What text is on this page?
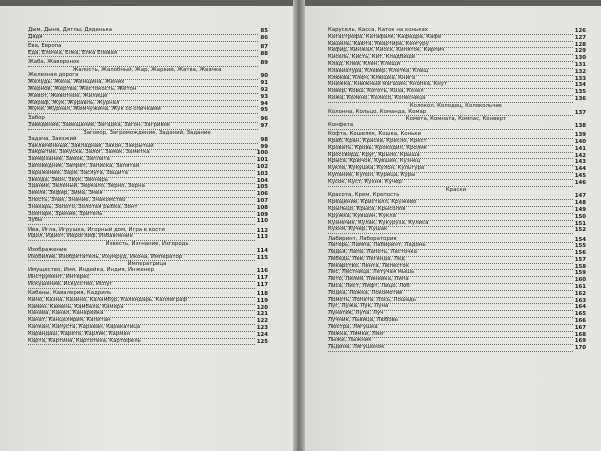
Дым, Дыня, Дятлы, Дяденька	85
Дядя	86
Ева, Европа	87
Еда, Ёлочка, Ёлка, Ёлка Еловая	88
Жаба, Жаворонок	89
Жалость, Жалобный, Жар, Жаркий, Жатва, Жвачка
Железная дорога	90
Желудь, Жена, Женщина, Жених	91
Жернов, Жертва, Жестокость, Жетон	92
Живот, Животное, Жилище	93
Жираф, Жук, Журавль, Журнал	94
Жуки, Журнал, Жемчужина, Жук со спичками	95
Забор	96
Заведение, Завещание, Загадка, Загон, Загривок	97
Заговор, Загромождение, Заданий, Задание
Задача, Заезжий	98
Заключённый, Закладная, Закон, Закрытый	99
Закрытие, Закуска, Залог, Замок, Заметка	100
Замерзание, Замок, Заплата	101
Заповедник, Запрет, Записка, Запятая	102
Заражение, Заря, Заслуга, Защита	103
Звезда, Звон, Звук, Звонарь	104
Здание, Зеленый, Зеркало, Зерно, Зерна	105
Земля, Зефир, Зима, Змея	106
Злость, Знак, Знание, Знакомство	107
Знахарь, Золото, Золотая рыбка, Зонт	108
Зоопарк, Зрение, Зритель	109
Зубы	110
Ива, Игла, Игрушка, Игорный дом, Игра в кости	112
Идол, Идиот, Иероглиф, Избавление	113
Известь, Изгнание, Изгородь
Изображение	114
Изобилие, Изобретатель, Изумруд, Икона, Император	115
Императрица
Имущество, Имя, Индейка, Индия, Инженер	116
Инструмент, Интерес	117
Искушение, Искусство, Испуг	117
Кабаны, Кавалерия, Кадриль	118
Кино, Казна, Казино, Каламбур, Календарь, Каллиграф	119
Камин, Камень, Камбала, Камера	120
Канава, Канал, Канарейка	121
Канат, Канцелярия, Капитан	122
Капкан, Капуста, Караван, Каракатица	123
Карандаш, Карета, Карлик, Карман	124
Карта, Картина, Картотека, Картофель	125
Карусель, Касса, Каток на коньках	126
Катастрофа, Катафалк, Кафедра, Кафе	127
Кашель, Каюта, Квартира, Кенгуру	128
Кефир, Кинжал, Киоск, Кипяток, Кирпич	129
Кисель, Кисть, Кит, Кладбище	130
Клад, Клей, Клен, Клещи	131
Клавиатура, Клевер, Клетка, Клещ	132
Клюква, Ключ, Клюшка, Книга	133
Книжка, Книжный магазин, Кнопка, Кнут	134
Ковер, Ковш, Коготь, Коза, Козел	135
Кожа, Колено, Колесо, Колесница	136
Колокол, Колодец, Колокольчик
Колонна, Кольцо, Команда, Комар	137
Комета, Комната, Компас, Конверт
Конфета	138
Кофта, Кошелек, Кошка, Коньки	139
Краб, Кран, Краска, Кресло, Крест	140
Кровать, Кровь, Крокодил, Кролик	141
Кроссворд, Круг, Крыло, Крыша	142
Крыса, Крючок, Кувшин, Кузнец	143
Кукла, Кукушка, Кулон, Культура	144
Купание, Купол, Курица, Куры	145
Кусок, Куст, Кухня, Кучер	146
Краски
Красота, Крем, Крепость	147
Крещение, Кристалл, Кружево	148
Крыльцо, Крыса, Крысолов	149
Кружка, Кувшин, Кукла	150
Кузнечик, Кулак, Кукуруза, Кулиса	151
Кухня, Кучер, Кушак	152
Лабиринт, Лаборатория	154
Лагерь, Лампа, Лабиринт, Ладонь	155
Ладья, Лапа, Лапоть, Ласточка	156
Лебедь, Лев, Легенда, Лед	157
Лекарство, Лента, Лепесток	158
Лес, Лестница, Летучая мышь	159
Лето, Лилия, Линейка, Липа	160
Лиса, Лист, Лифт, Лицо, Лоб	161
Лодка, Ложка, Локомотив	162
Ломоть, Лопата, Лось, Лошадь	163
Луг, Лужа, Лук, Луна	164
Лунатик, Лупа, Луч	165
Лучник, Львица, Любовь	166
Люстра, Лягушка	167
Ляжка, Лямки, Лязг	168
Лыжи, Лыжник	169
Льдина, Лягушонок	170
